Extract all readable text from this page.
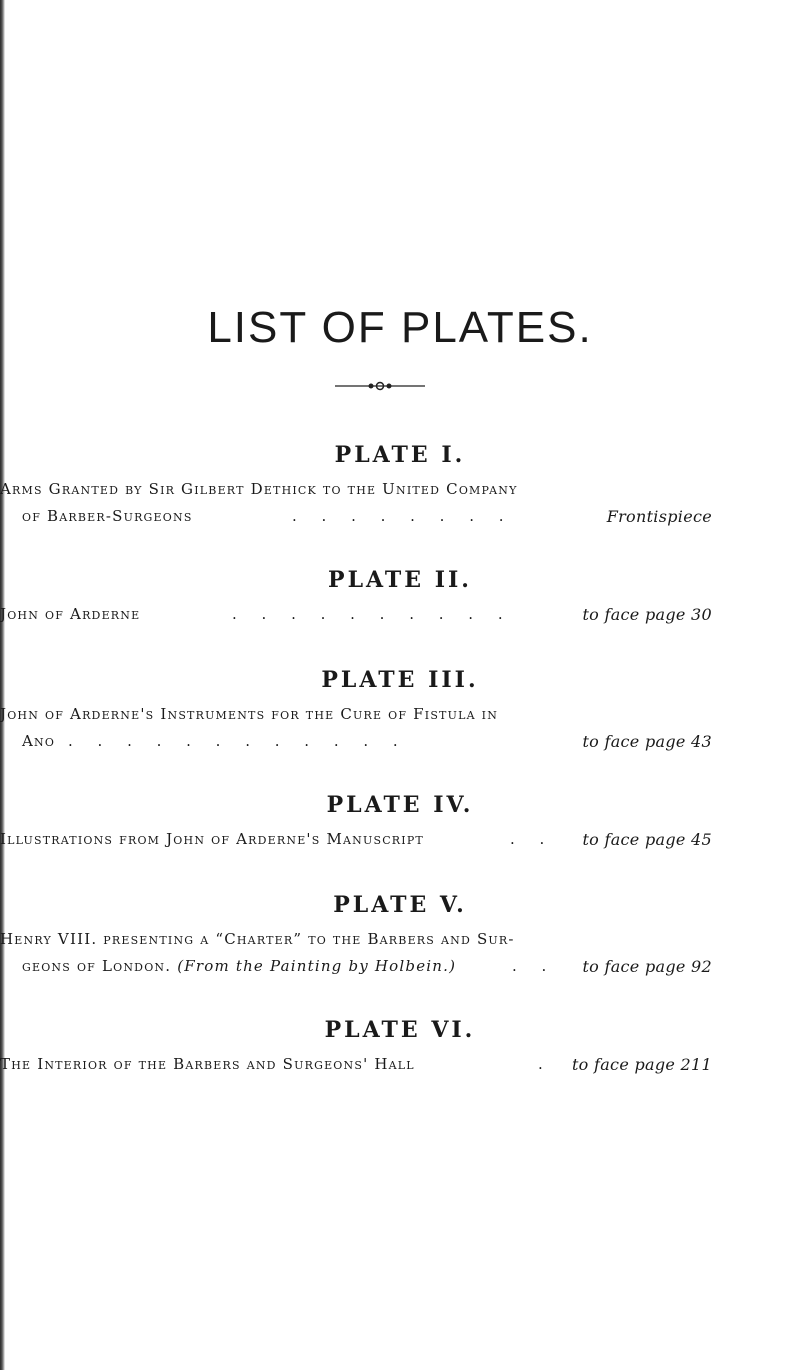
LIST OF PLATES.
PLATE I.
Arms Granted by Sir Gilbert Dethick to the United Company
of Barber-Surgeons	. . . . . . . .	Frontispiece
PLATE II.
John of Arderne	. . . . . . . . . .	to face page 30
PLATE III.
John of Arderne's Instruments for the Cure of Fistula in
Ano . . . . . . . . . . . .	to face page 43
PLATE IV.
Illustrations from John of Arderne's Manuscript	. . to face page 45
PLATE V.
Henry VIII. presenting a “Charter” to the Barbers and Sur-
geons of London. (From the Painting by Holbein.)	. . to face page 92
PLATE VI.
The Interior of the Barbers and Surgeons' Hall	. to face page 211
